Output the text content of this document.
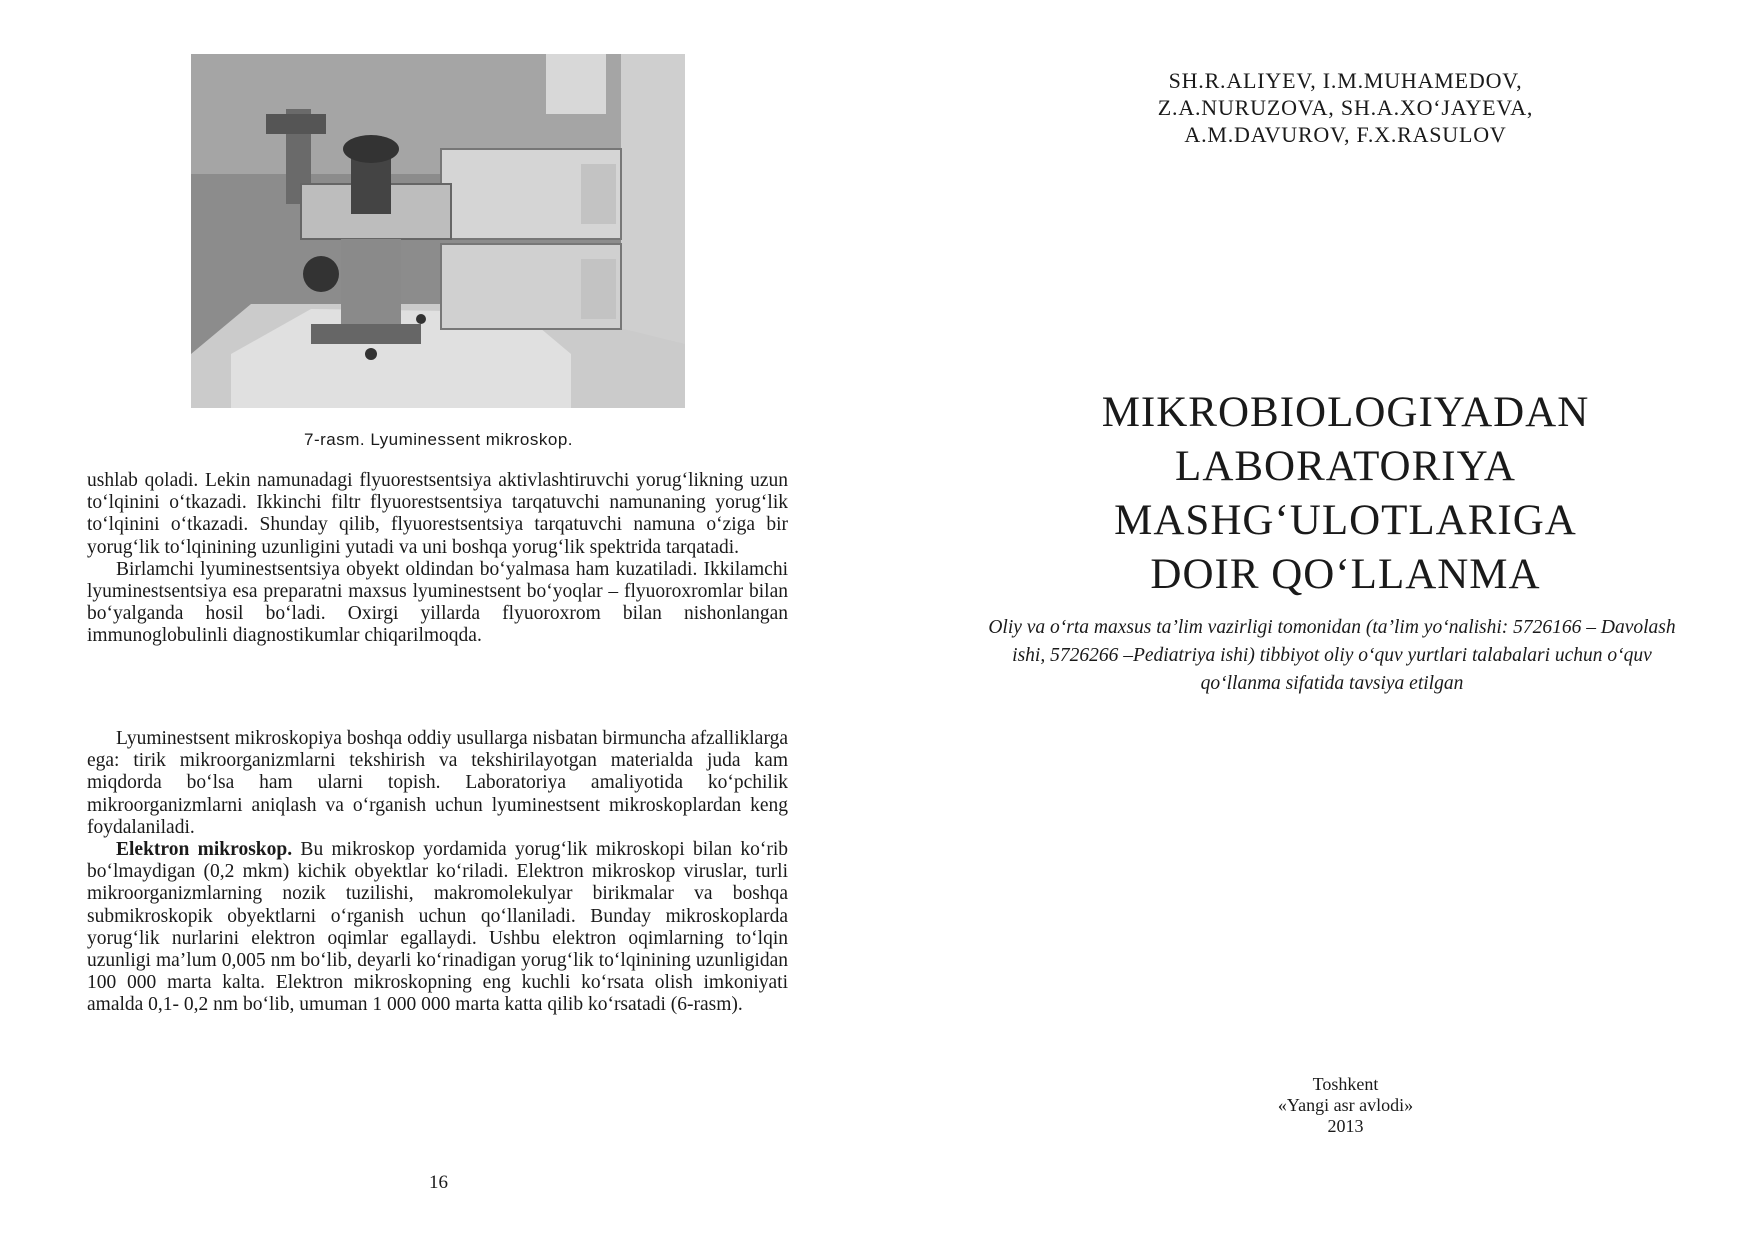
7-rasm. Lyuminessent mikroskop.

ushlab qoladi. Lekin namunadagi flyuorestsentsiya aktivlashtiruvchi yorug‘likning uzun to‘lqinini o‘tkazadi. Ikkinchi filtr flyuorestsentsiya tarqatuvchi namunaning yorug‘lik to‘lqinini o‘tkazadi. Shunday qilib, flyuorestsentsiya tarqatuvchi namuna o‘ziga bir yorug‘lik to‘lqinining uzunligini yutadi va uni boshqa yorug‘lik spektrida tarqatadi.

Birlamchi lyuminestsentsiya obyekt oldindan bo‘yalmasa ham kuzatiladi. Ikkilamchi lyuminestsentsiya esa preparatni maxsus lyuminestsent bo‘yoqlar – flyuoroxromlar bilan bo‘yalganda hosil bo‘ladi. Oxirgi yillarda flyuoroxrom bilan nishonlangan immunoglobulinli diagnostikumlar chiqarilmoqda.

Lyuminestsent mikroskopiya boshqa oddiy usullarga nisbatan birmuncha afzalliklarga ega: tirik mikroorganizmlarni tekshirish va tekshirilayotgan materialda juda kam miqdorda bo‘lsa ham ularni topish. Laboratoriya amaliyotida ko‘pchilik mikroorganizmlarni aniqlash va o‘rganish uchun lyuminestsent mikroskoplardan keng foydalaniladi.

Elektron mikroskop. Bu mikroskop yordamida yorug‘lik mikroskopi bilan ko‘rib bo‘lmaydigan (0,2 mkm) kichik obyektlar ko‘riladi. Elektron mikroskop viruslar, turli mikroorganizmlarning nozik tuzilishi, makromolekulyar birikmalar va boshqa submikroskopik obyektlarni o‘rganish uchun qo‘llaniladi. Bunday mikroskoplarda yorug‘lik nurlarini elektron oqimlar egallaydi. Ushbu elektron oqimlarning to‘lqin uzunligi ma’lum 0,005 nm bo‘lib, deyarli ko‘rinadigan yorug‘lik to‘lqinining uzunligidan 100 000 marta kalta. Elektron mikroskopning eng kuchli ko‘rsata olish imkoniyati amalda 0,1- 0,2 nm bo‘lib, umuman 1 000 000 marta katta qilib ko‘rsatadi (6-rasm).

16
SH.R.ALIYEV, I.M.MUHAMEDOV,
Z.A.NURUZOVA, SH.A.XO‘JAYEVA,
A.M.DAVUROV, F.X.RASULOV
MIKROBIOLOGIYADAN
LABORATORIYA
MASHG‘ULOTLARIGA
DOIR QO‘LLANMA
Oliy va o‘rta maxsus ta’lim vazirligi tomonidan (ta’lim yo‘nalishi: 5726166 – Davolash ishi, 5726266 –Pediatriya ishi) tibbiyot oliy o‘quv yurtlari talabalari uchun o‘quv qo‘llanma sifatida tavsiya etilgan
Toshkent
«Yangi asr avlodi»
2013
